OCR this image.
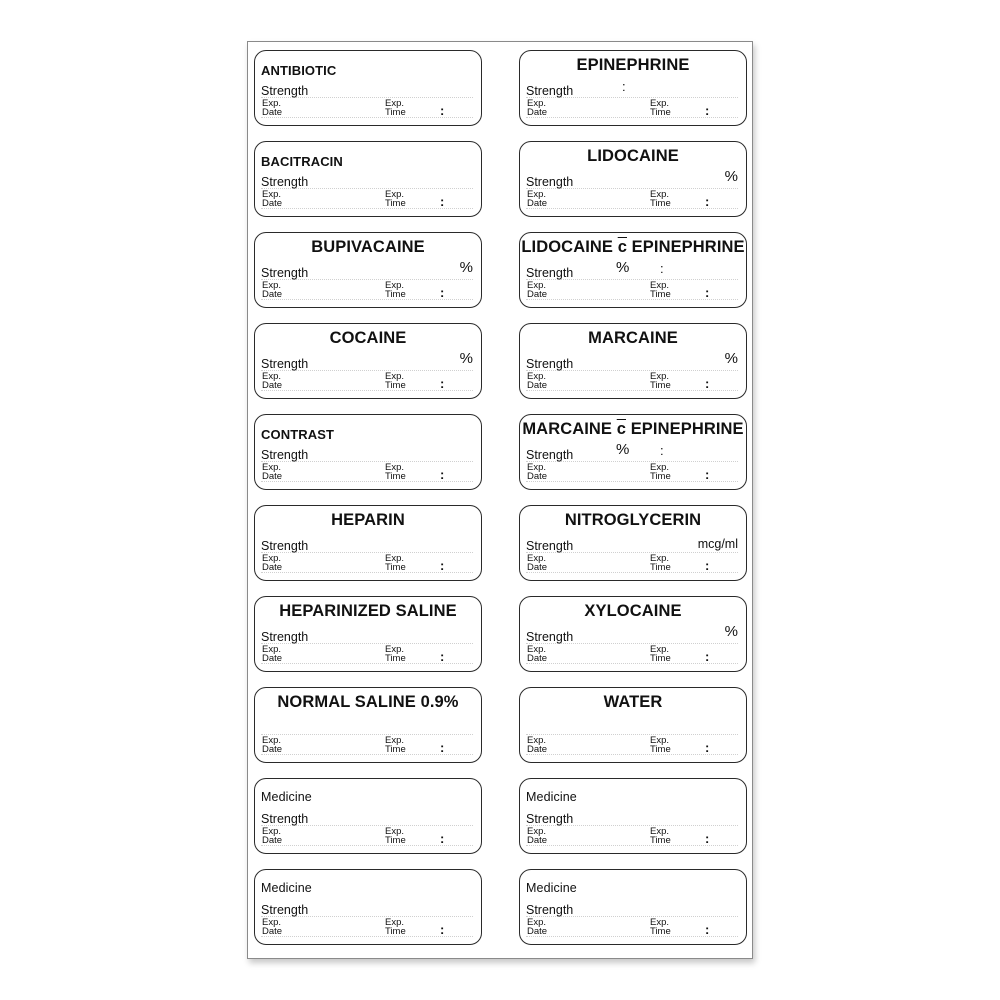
ANTIBIOTIC
Strength
Exp.
Date
Exp.
Time	:
EPINEPHRINE
Strength	:
Exp.
Date
Exp.
Time	:
BACITRACIN
Strength
Exp.
Date
Exp.
Time	:
LIDOCAINE
Strength	%
Exp.
Date
Exp.
Time	:
BUPIVACAINE
Strength	%
Exp.
Date
Exp.
Time	:
LIDOCAINE $\overline{c}$ EPINEPHRINE
Strength	% :
Exp.
Date
Exp.
Time	:
COCAINE
Strength	%
Exp.
Date
Exp.
Time	:
MARCAINE
Strength	%
Exp.
Date
Exp.
Time	:
CONTRAST
Strength
Exp.
Date
Exp.
Time	:
MARCAINE $\overline{c}$ EPINEPHRINE
Strength	% :
Exp.
Date
Exp.
Time	:
HEPARIN
Strength
Exp.
Date
Exp.
Time	:
NITROGLYCERIN
Strength	mcg/ml
Exp.
Date
Exp.
Time	:
HEPARINIZED SALINE
Strength
Exp.
Date
Exp.
Time	:
XYLOCAINE
Strength	%
Exp.
Date
Exp.
Time	:
NORMAL SALINE 0.9%
Exp.
Date
Exp.
Time	:
WATER
Exp.
Date
Exp.
Time	:
Medicine
Strength
Exp.
Date
Exp.
Time	:
Medicine
Strength
Exp.
Date
Exp.
Time	:
Medicine
Strength
Exp.
Date
Exp.
Time	:
Medicine
Strength
Exp.
Date
Exp.
Time	:
